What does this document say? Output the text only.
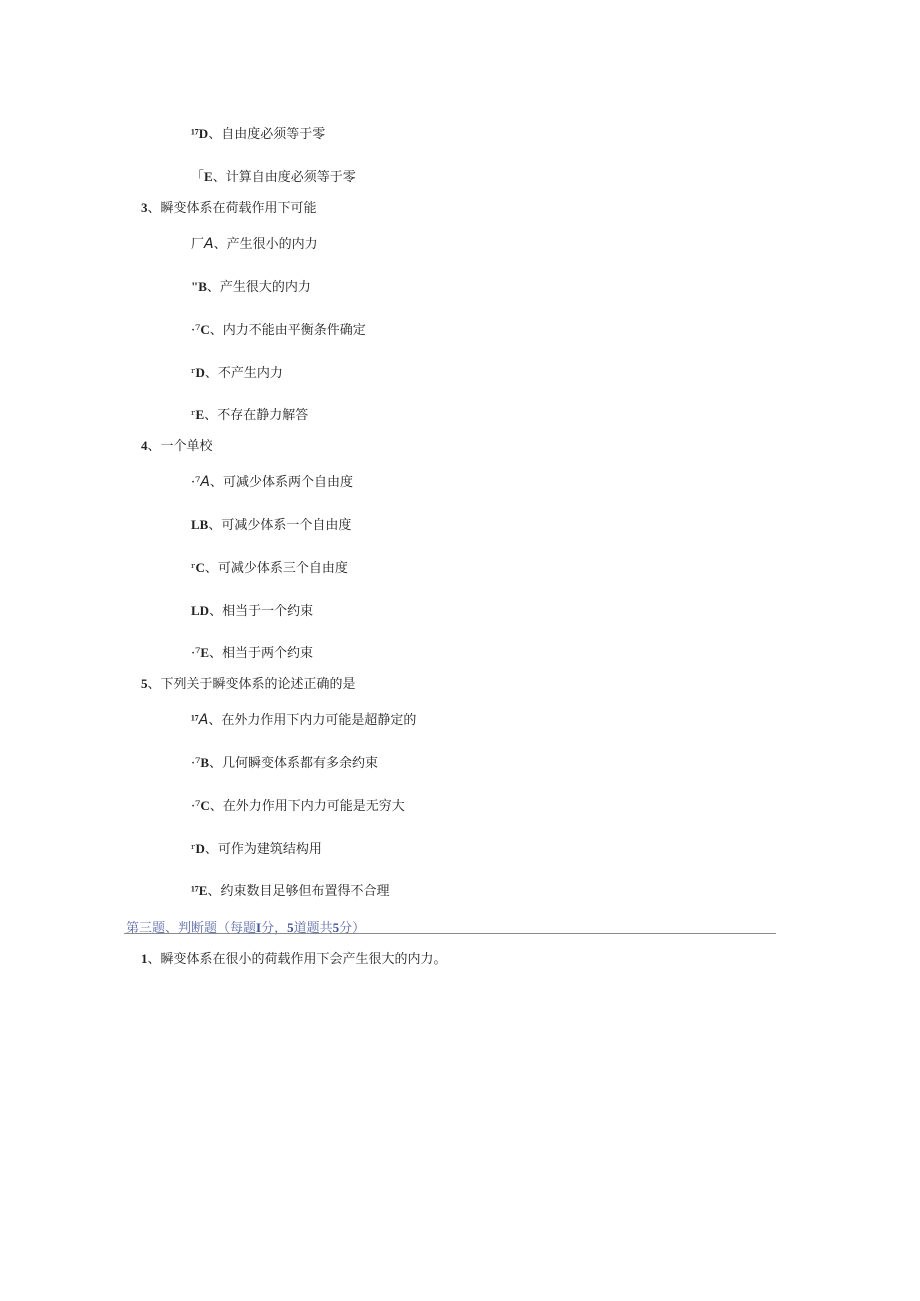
¹⁷D、自由度必须等于零
「E、计算自由度必须等于零
3、瞬变体系在荷载作用下可能
厂A、产生很小的内力
"B、产生很大的内力
·⁷C、内力不能由平衡条件确定
ʳD、不产生内力
ʳE、不存在静力解答
4、一个单校
·⁷A、可减少体系两个自由度
LB、可减少体系一个自由度
ʳC、可减少体系三个自由度
LD、相当于一个约束
·⁷E、相当于两个约束
5、下列关于瞬变体系的论述正确的是
¹⁷A、在外力作用下内力可能是超静定的
·⁷B、几何瞬变体系都有多余约束
·⁷C、在外力作用下内力可能是无穷大
ʳD、可作为建筑结构用
¹⁷E、约束数目足够但布置得不合理
第三题、判断题（每题I分，5道题共5分）
1、瞬变体系在很小的荷载作用下会产生很大的内力。
